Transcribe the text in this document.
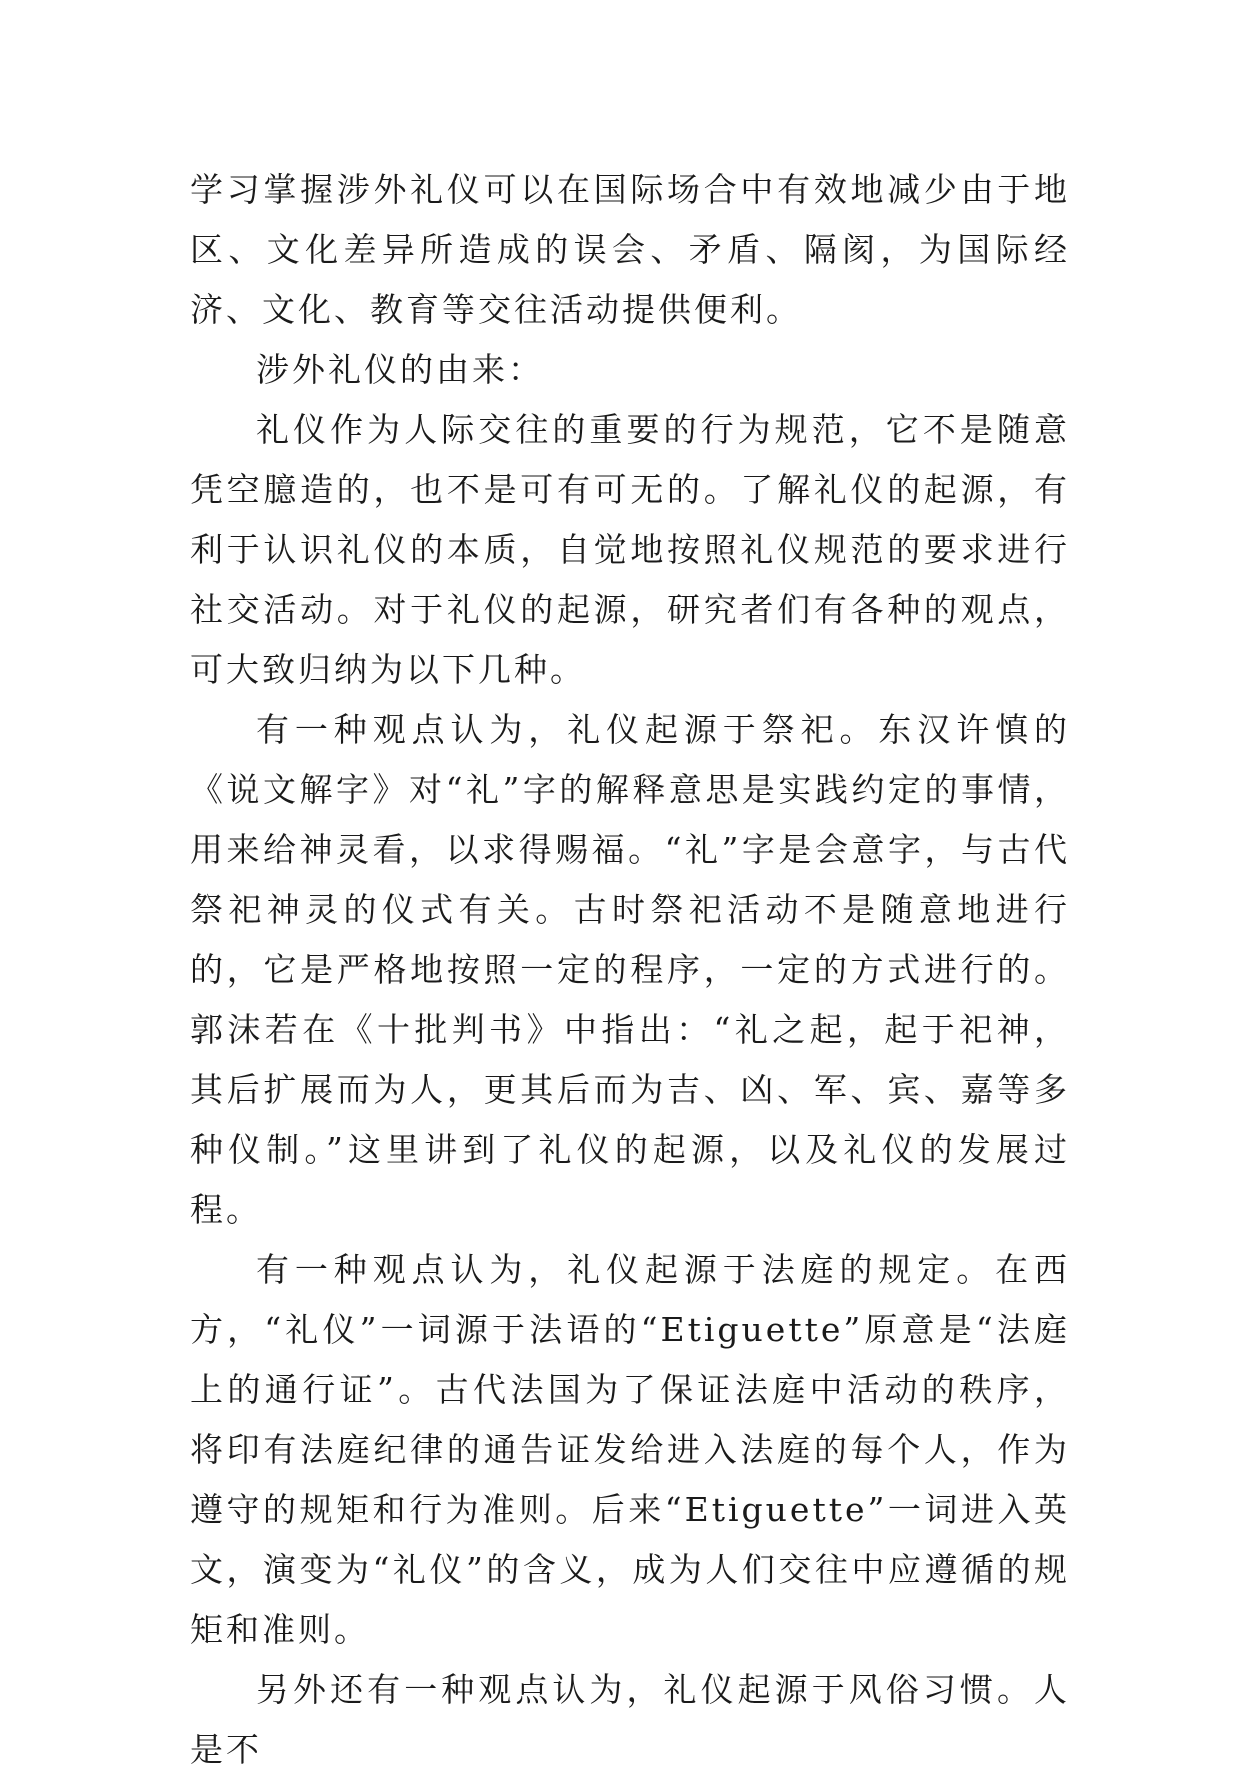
学习掌握涉外礼仪可以在国际场合中有效地减少由于地区、文化差异所造成的误会、矛盾、隔阂，为国际经济、文化、教育等交往活动提供便利。

涉外礼仪的由来：

礼仪作为人际交往的重要的行为规范，它不是随意凭空臆造的，也不是可有可无的。了解礼仪的起源，有利于认识礼仪的本质，自觉地按照礼仪规范的要求进行社交活动。对于礼仪的起源，研究者们有各种的观点，可大致归纳为以下几种。

有一种观点认为，礼仪起源于祭祀。东汉许慎的《说文解字》对“礼”字的解释意思是实践约定的事情，用来给神灵看，以求得赐福。“礼”字是会意字，与古代祭祀神灵的仪式有关。古时祭祀活动不是随意地进行的，它是严格地按照一定的程序，一定的方式进行的。郭沫若在《十批判书》中指出：“礼之起，起于祀神，其后扩展而为人，更其后而为吉、凶、军、宾、嘉等多种仪制。”这里讲到了礼仪的起源，以及礼仪的发展过程。

有一种观点认为，礼仪起源于法庭的规定。在西方，“礼仪”一词源于法语的“Etiguette”原意是“法庭上的通行证”。古代法国为了保证法庭中活动的秩序，将印有法庭纪律的通告证发给进入法庭的每个人，作为遵守的规矩和行为准则。后来“Etiguette”一词进入英文，演变为“礼仪”的含义，成为人们交往中应遵循的规矩和准则。

另外还有一种观点认为，礼仪起源于风俗习惯。人是不
